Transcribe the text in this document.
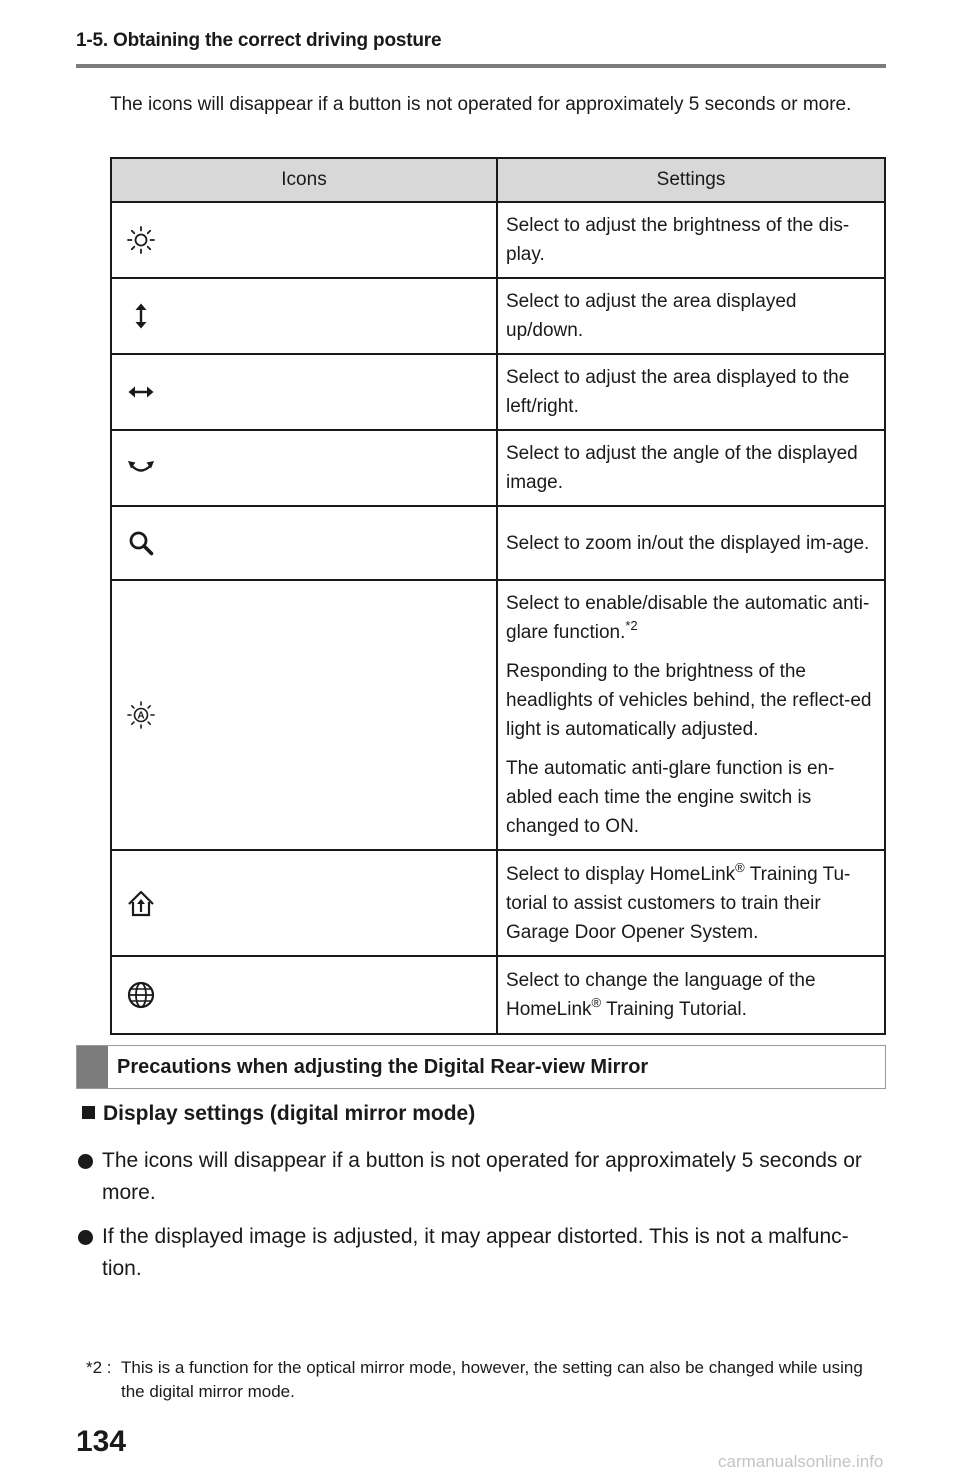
1-5. Obtaining the correct driving posture

The icons will disappear if a button is not operated for approximately 5 seconds or more.

Icons	Settings

	Select to adjust the brightness of the dis-play.

	Select to adjust the area displayed up/down.

	Select to adjust the area displayed to the left/right.

	Select to adjust the angle of the displayed image.

	Select to zoom in/out the displayed im-age.

A	Select to enable/disable the automatic anti-glare function.$^{*2}$

Responding to the brightness of the headlights of vehicles behind, the reflect-ed light is automatically adjusted.

The automatic anti-glare function is en-abled each time the engine switch is changed to ON.

	Select to display HomeLink® Training Tu-torial to assist customers to train their Garage Door Opener System.

	Select to change the language of the HomeLink® Training Tutorial.
Precautions when adjusting the Digital Rear-view Mirror
Display settings (digital mirror mode)
The icons will disappear if a button is not operated for approximately 5 seconds or more.
If the displayed image is adjusted, it may appear distorted. This is not a malfunc-tion.
*2 : This is a function for the optical mirror mode, however, the setting can also be changed while using the digital mirror mode.
134
carmanualsonline.info
